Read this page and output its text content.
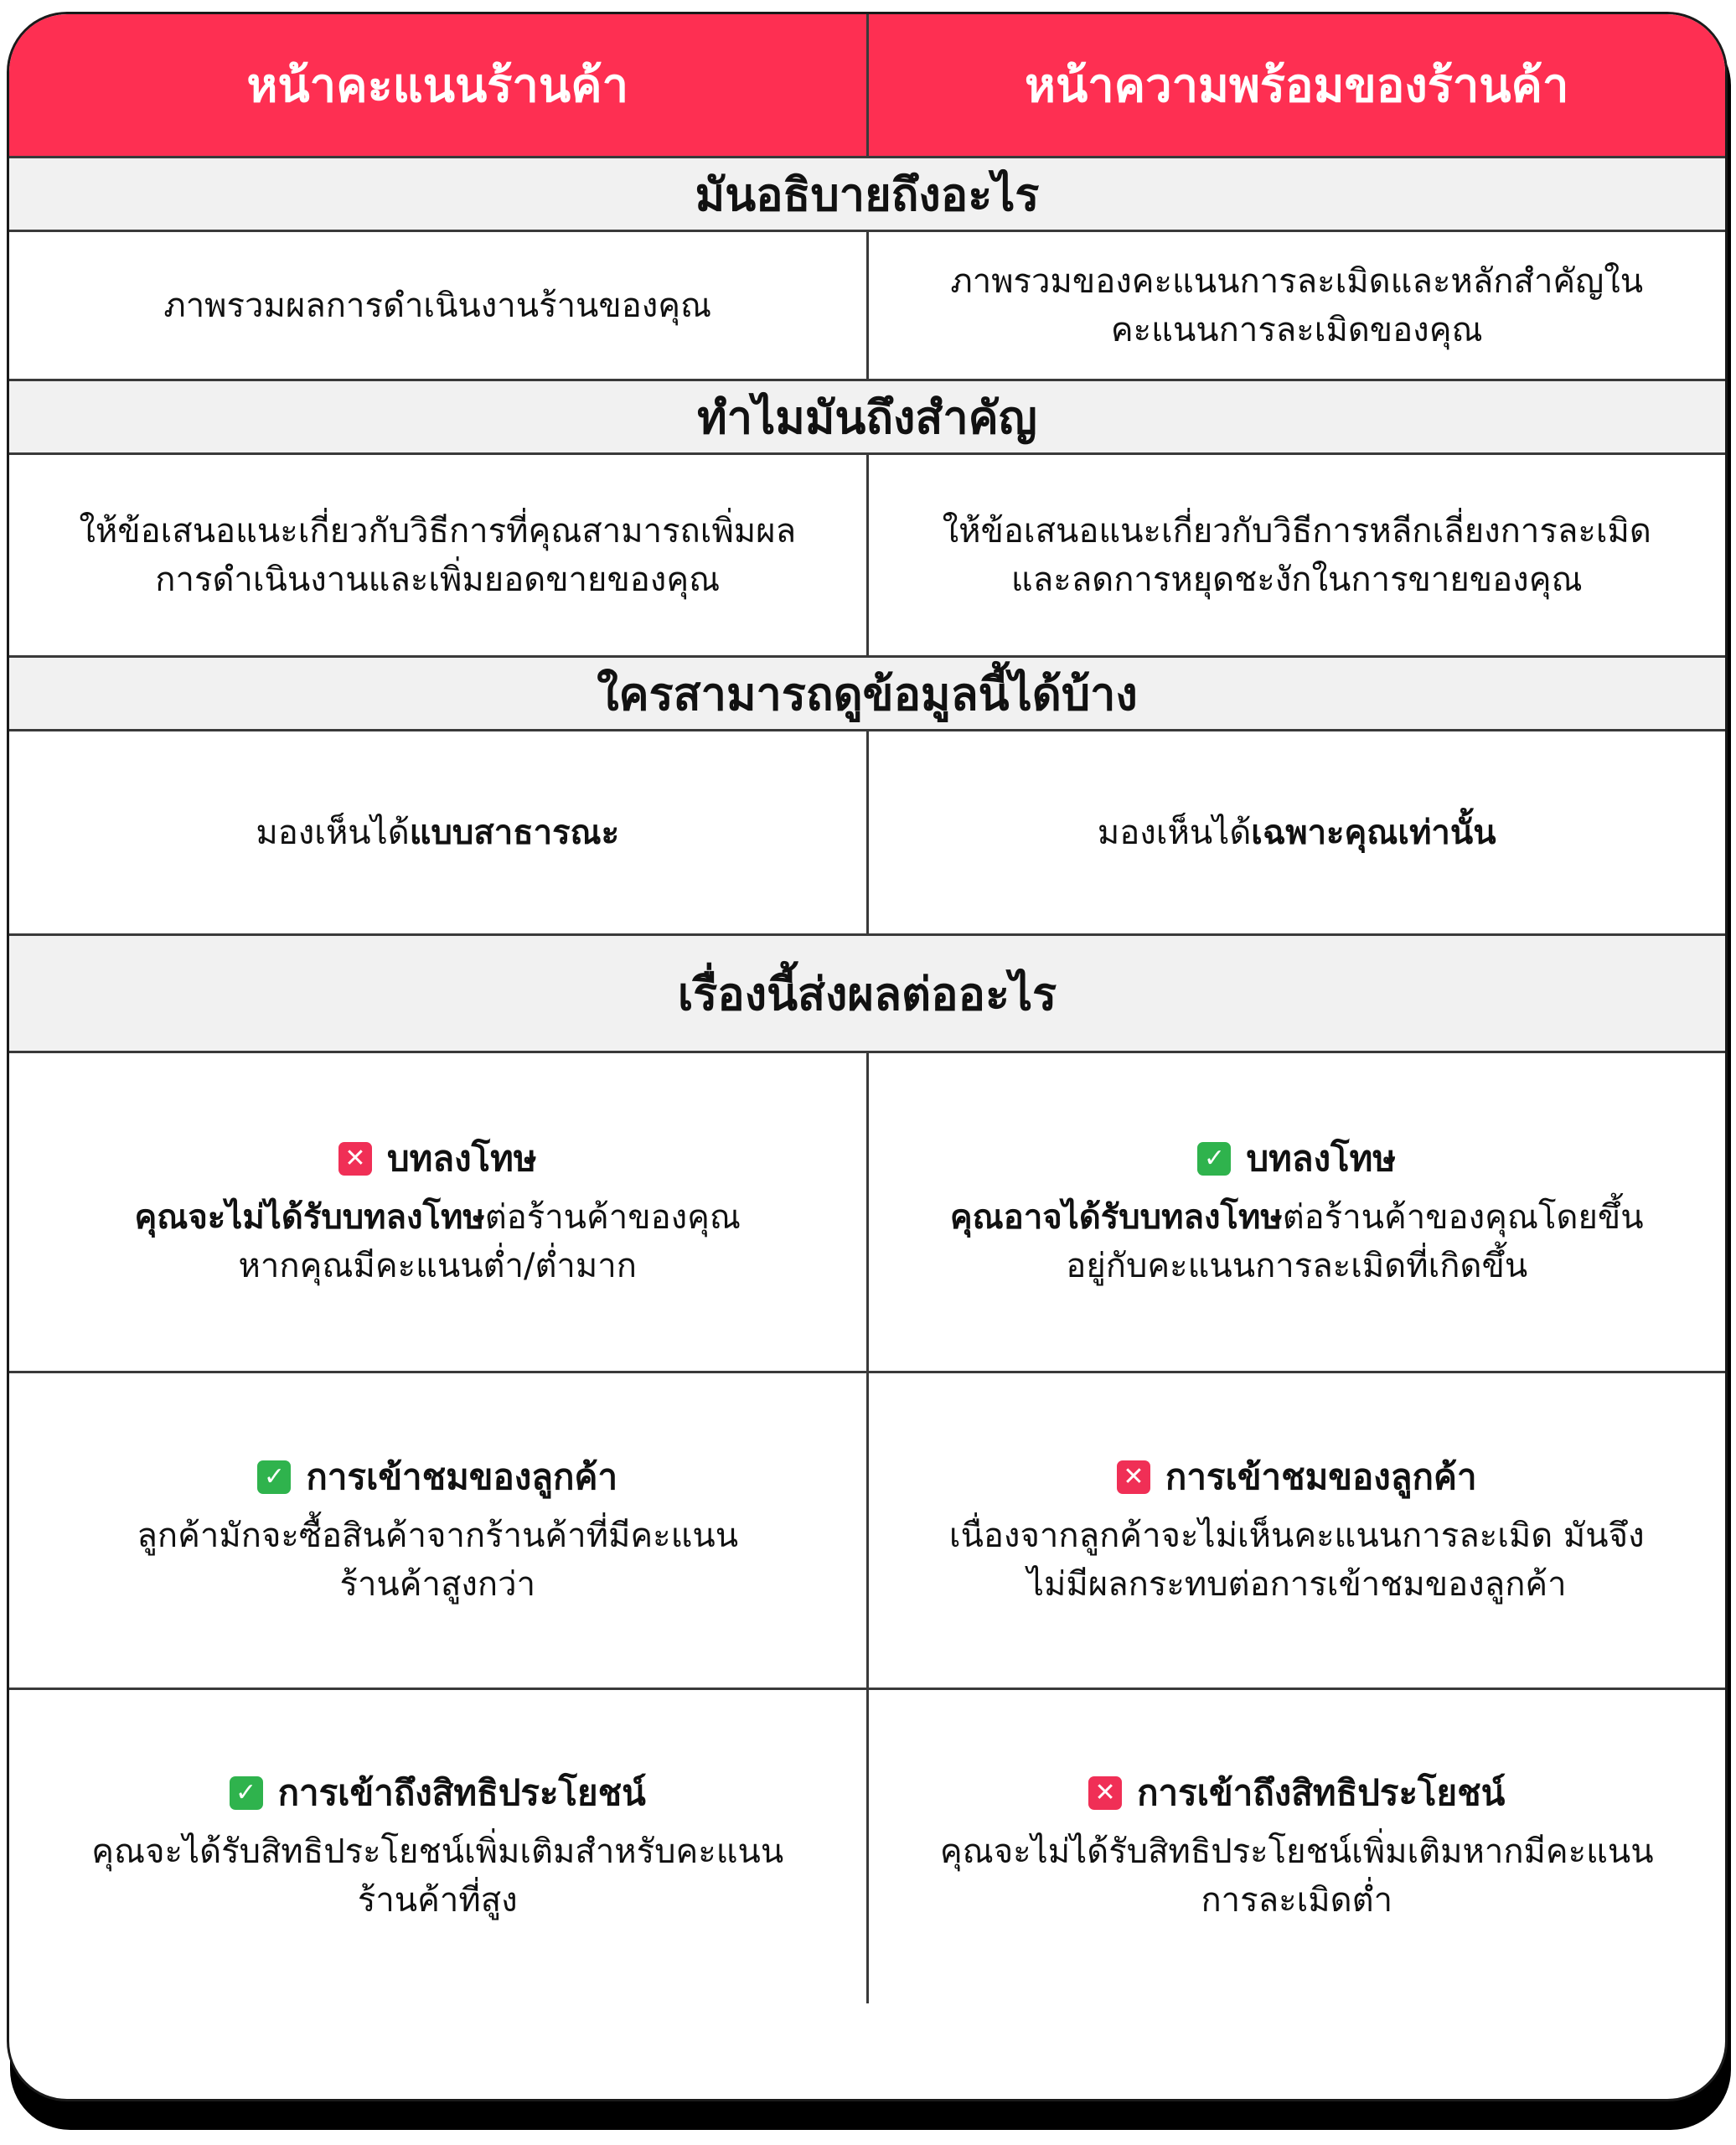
หน้าคะแนนร้านค้า	หน้าความพร้อมของร้านค้า
มันอธิบายถึงอะไร
ภาพรวมผลการดำเนินงานร้านของคุณ
ภาพรวมของคะแนนการละเมิดและหลักสำคัญใน
คะแนนการละเมิดของคุณ
ทำไมมันถึงสำคัญ
ให้ข้อเสนอแนะเกี่ยวกับวิธีการที่คุณสามารถเพิ่มผล
การดำเนินงานและเพิ่มยอดขายของคุณ
ให้ข้อเสนอแนะเกี่ยวกับวิธีการหลีกเลี่ยงการละเมิด
และลดการหยุดชะงักในการขายของคุณ
ใครสามารถดูข้อมูลนี้ได้บ้าง
มองเห็นได้แบบสาธารณะ	มองเห็นได้เฉพาะคุณเท่านั้น
เรื่องนี้ส่งผลต่ออะไร
✕ บทลงโทษ
คุณจะไม่ได้รับบทลงโทษต่อร้านค้าของคุณ
หากคุณมีคะแนนต่ำ/ต่ำมาก
✓ บทลงโทษ
คุณอาจได้รับบทลงโทษต่อร้านค้าของคุณโดยขึ้น
อยู่กับคะแนนการละเมิดที่เกิดขึ้น
✓ การเข้าชมของลูกค้า
ลูกค้ามักจะซื้อสินค้าจากร้านค้าที่มีคะแนน
ร้านค้าสูงกว่า
✕ การเข้าชมของลูกค้า
เนื่องจากลูกค้าจะไม่เห็นคะแนนการละเมิด มันจึง
ไม่มีผลกระทบต่อการเข้าชมของลูกค้า
✓ การเข้าถึงสิทธิประโยชน์
คุณจะได้รับสิทธิประโยชน์เพิ่มเติมสำหรับคะแนน
ร้านค้าที่สูง
✕ การเข้าถึงสิทธิประโยชน์
คุณจะไม่ได้รับสิทธิประโยชน์เพิ่มเติมหากมีคะแนน
การละเมิดต่ำ
